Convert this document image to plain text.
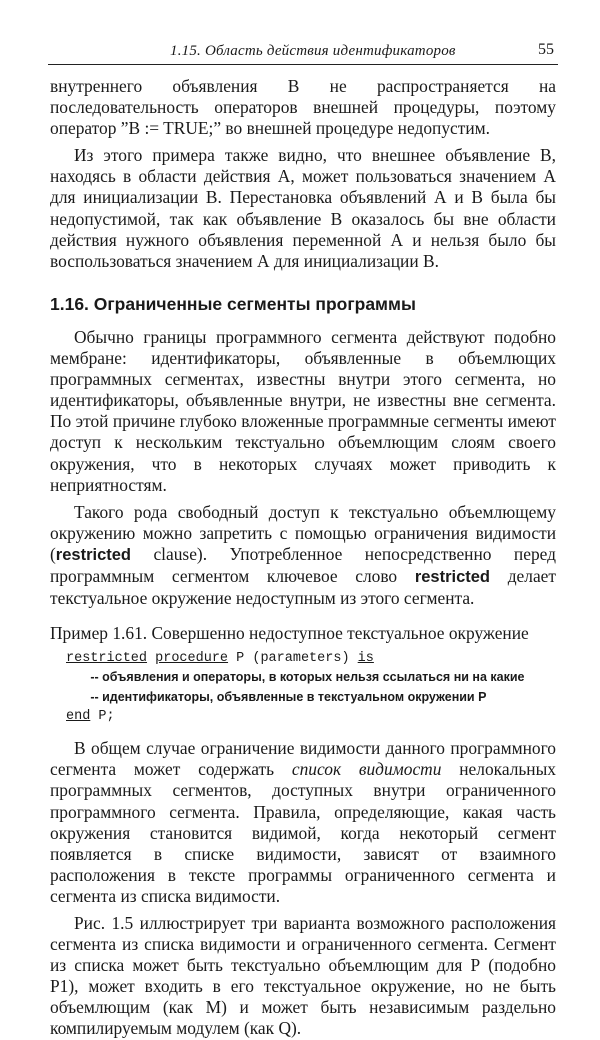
1.15. Область действия идентификаторов	55

внутреннего объявления В не распространяется на последовательность операторов внешней процедуры, поэтому оператор ”B := TRUE;” во внешней процедуре недопустим.

Из этого примера также видно, что внешнее объявление В, находясь в области действия А, может пользоваться значением А для инициализации В. Перестановка объявлений А и В была бы недопустимой, так как объявление В оказалось бы вне области действия нужного объявления переменной А и нельзя было бы воспользоваться значением А для инициализации В.

1.16. Ограниченные сегменты программы

Обычно границы программного сегмента действуют подобно мембране: идентификаторы, объявленные в объемлющих программных сегментах, известны внутри этого сегмента, но идентификаторы, объявленные внутри, не известны вне сегмента. По этой причине глубоко вложенные программные сегменты имеют доступ к нескольким текстуально объемлющим слоям своего окружения, что в некоторых случаях может приводить к неприятностям.

Такого рода свободный доступ к текстуально объемлющему окружению можно запретить с помощью ограничения видимости (restricted clause). Употребленное непосредственно перед программным сегментом ключевое слово restricted делает текстуальное окружение недоступным из этого сегмента.

Пример 1.61. Совершенно недоступное текстуальное окружение

restricted procedure P (parameters) is
-- объявления и операторы, в которых нельзя ссылаться ни на какие
-- идентификаторы, объявленные в текстуальном окружении P
end P;

В общем случае ограничение видимости данного программного сегмента может содержать список видимости нелокальных программных сегментов, доступных внутри ограниченного программного сегмента. Правила, определяющие, какая часть окружения становится видимой, когда некоторый сегмент появляется в списке видимости, зависят от взаимного расположения в тексте программы ограниченного сегмента и сегмента из списка видимости.

Рис. 1.5 иллюстрирует три варианта возможного расположения сегмента из списка видимости и ограниченного сегмента. Сегмент из списка может быть текстуально объемлющим для Р (подобно Р1), может входить в его текстуальное окружение, но не быть объемлющим (как М) и может быть независимым раздельно компилируемым модулем (как Q).
